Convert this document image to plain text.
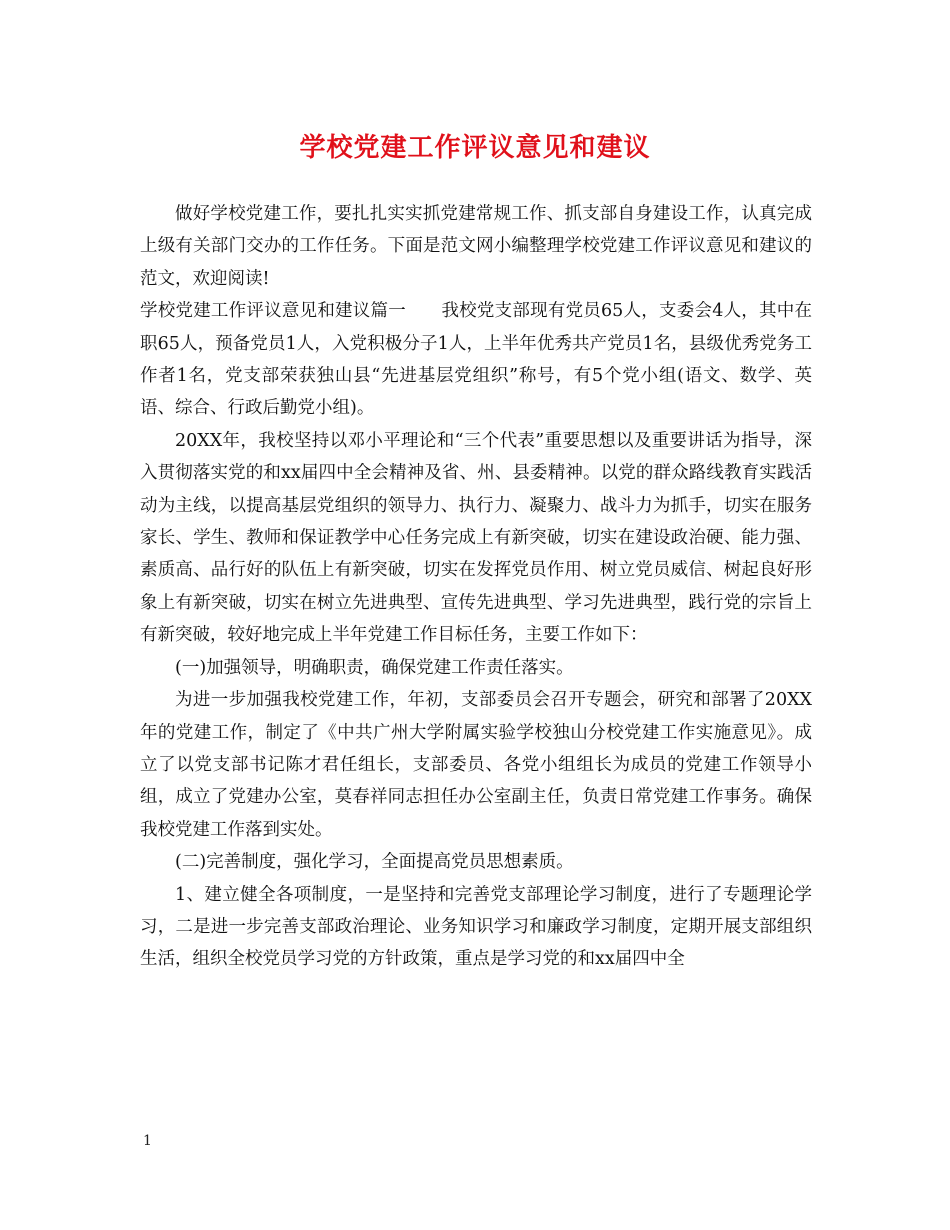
学校党建工作评议意见和建议

做好学校党建工作，要扎扎实实抓党建常规工作、抓支部自身建设工作，认真完成上级有关部门交办的工作任务。下面是范文网小编整理学校党建工作评议意见和建议的范文，欢迎阅读!

学校党建工作评议意见和建议篇一　　我校党支部现有党员65人，支委会4人，其中在职65人，预备党员1人，入党积极分子1人，上半年优秀共产党员1名，县级优秀党务工作者1名，党支部荣获独山县“先进基层党组织”称号，有5个党小组(语文、数学、英语、综合、行政后勤党小组)。

20XX年，我校坚持以邓小平理论和“三个代表”重要思想以及重要讲话为指导，深入贯彻落实党的和xx届四中全会精神及省、州、县委精神。以党的群众路线教育实践活动为主线，以提高基层党组织的领导力、执行力、凝聚力、战斗力为抓手，切实在服务家长、学生、教师和保证教学中心任务完成上有新突破，切实在建设政治硬、能力强、素质高、品行好的队伍上有新突破，切实在发挥党员作用、树立党员威信、树起良好形象上有新突破，切实在树立先进典型、宣传先进典型、学习先进典型，践行党的宗旨上有新突破，较好地完成上半年党建工作目标任务，主要工作如下：

(一)加强领导，明确职责，确保党建工作责任落实。

为进一步加强我校党建工作，年初，支部委员会召开专题会，研究和部署了20XX年的党建工作，制定了《中共广州大学附属实验学校独山分校党建工作实施意见》。成立了以党支部书记陈才君任组长，支部委员、各党小组组长为成员的党建工作领导小组，成立了党建办公室，莫春祥同志担任办公室副主任，负责日常党建工作事务。确保我校党建工作落到实处。

(二)完善制度，强化学习，全面提高党员思想素质。

1、建立健全各项制度，一是坚持和完善党支部理论学习制度，进行了专题理论学习，二是进一步完善支部政治理论、业务知识学习和廉政学习制度，定期开展支部组织生活，组织全校党员学习党的方针政策，重点是学习党的和xx届四中全

1
